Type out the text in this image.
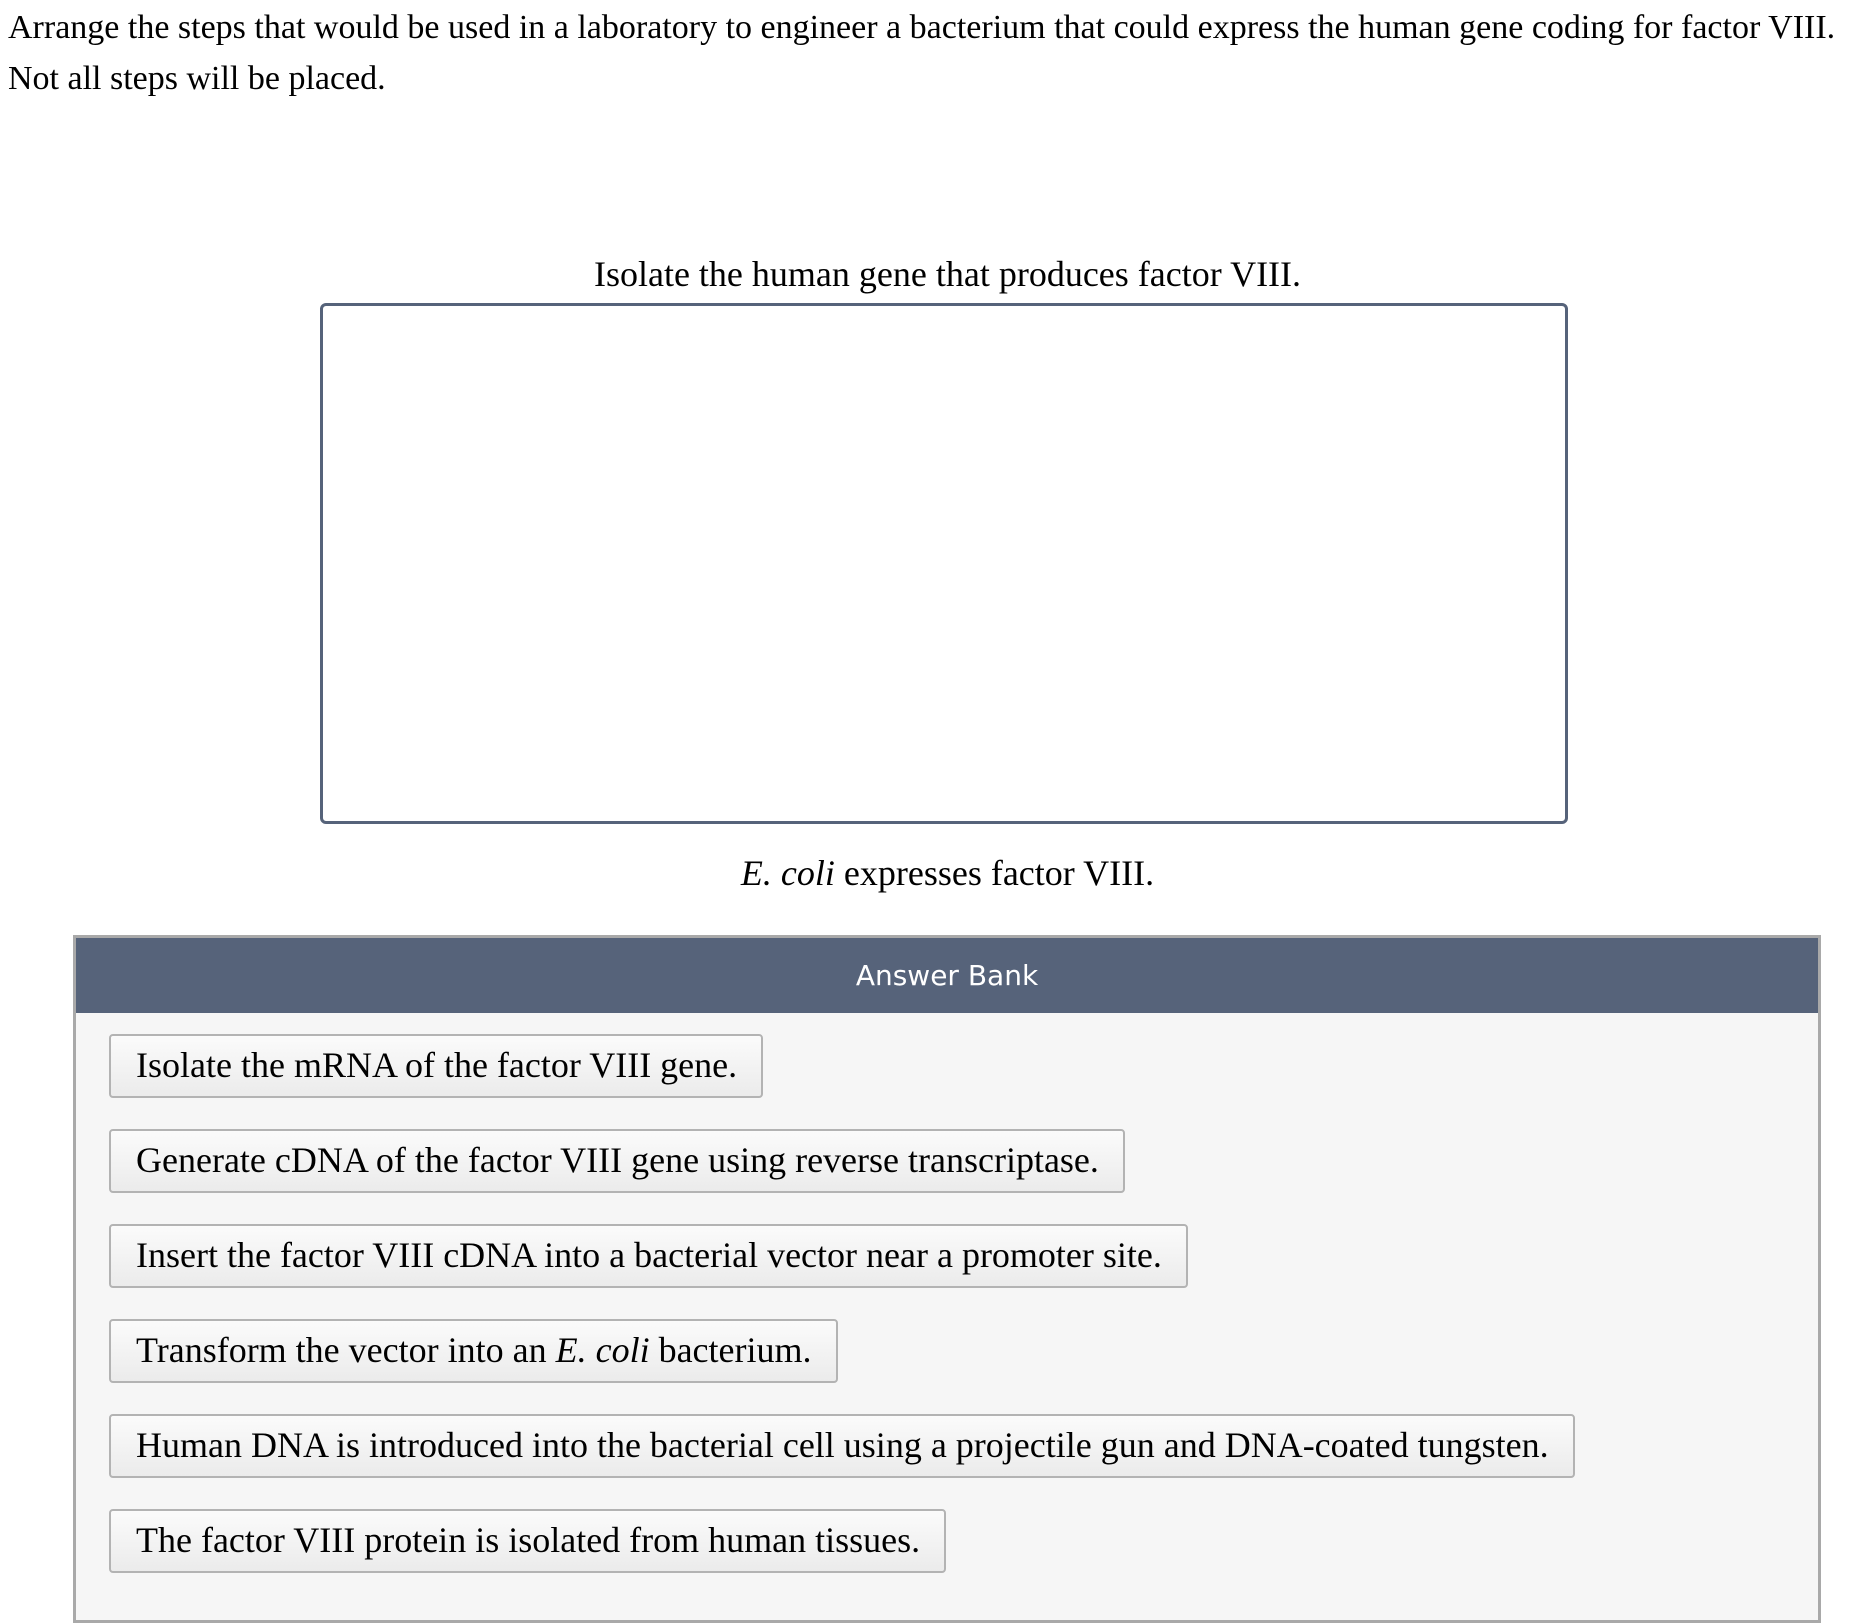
Arrange the steps that would be used in a laboratory to engineer a bacterium that could express the human gene coding for factor VIII. Not all steps will be placed.

Isolate the human gene that produces factor VIII.

E. coli expresses factor VIII.

Answer Bank
Isolate the mRNA of the factor VIII gene.
Generate cDNA of the factor VIII gene using reverse transcriptase.
Insert the factor VIII cDNA into a bacterial vector near a promoter site.
Transform the vector into an E. coli bacterium.
Human DNA is introduced into the bacterial cell using a projectile gun and DNA-coated tungsten.
The factor VIII protein is isolated from human tissues.
